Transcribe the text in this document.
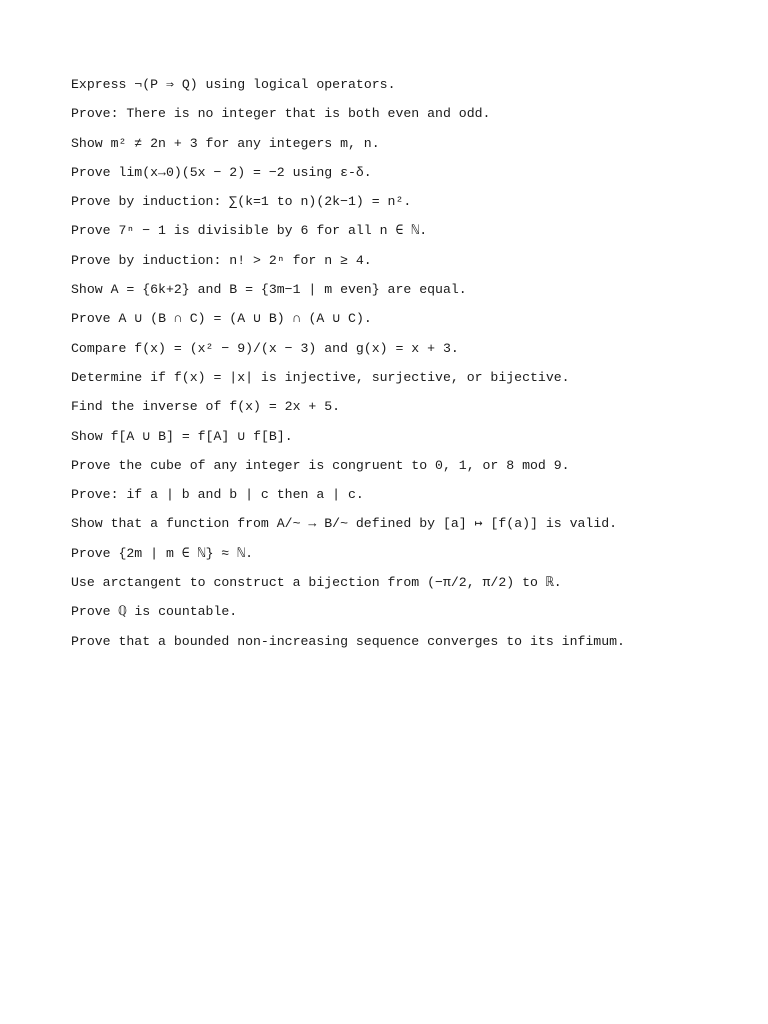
Express ¬(P ⇒ Q) using logical operators.
Prove: There is no integer that is both even and odd.
Show m² ≠ 2n + 3 for any integers m, n.
Prove lim(x→0)(5x − 2) = −2 using ε-δ.
Prove by induction: ∑(k=1 to n)(2k−1) = n².
Prove 7ⁿ − 1 is divisible by 6 for all n ∈ ℕ.
Prove by induction: n! > 2ⁿ for n ≥ 4.
Show A = {6k+2} and B = {3m−1 | m even} are equal.
Prove A ∪ (B ∩ C) = (A ∪ B) ∩ (A ∪ C).
Compare f(x) = (x² − 9)/(x − 3) and g(x) = x + 3.
Determine if f(x) = |x| is injective, surjective, or bijective.
Find the inverse of f(x) = 2x + 5.
Show f[A ∪ B] = f[A] ∪ f[B].
Prove the cube of any integer is congruent to 0, 1, or 8 mod 9.
Prove: if a | b and b | c then a | c.
Show that a function from A/~ → B/~ defined by [a] ↦ [f(a)] is valid.
Prove {2m | m ∈ ℕ} ≈ ℕ.
Use arctangent to construct a bijection from (−π/2, π/2) to ℝ.
Prove ℚ is countable.
Prove that a bounded non-increasing sequence converges to its infimum.
